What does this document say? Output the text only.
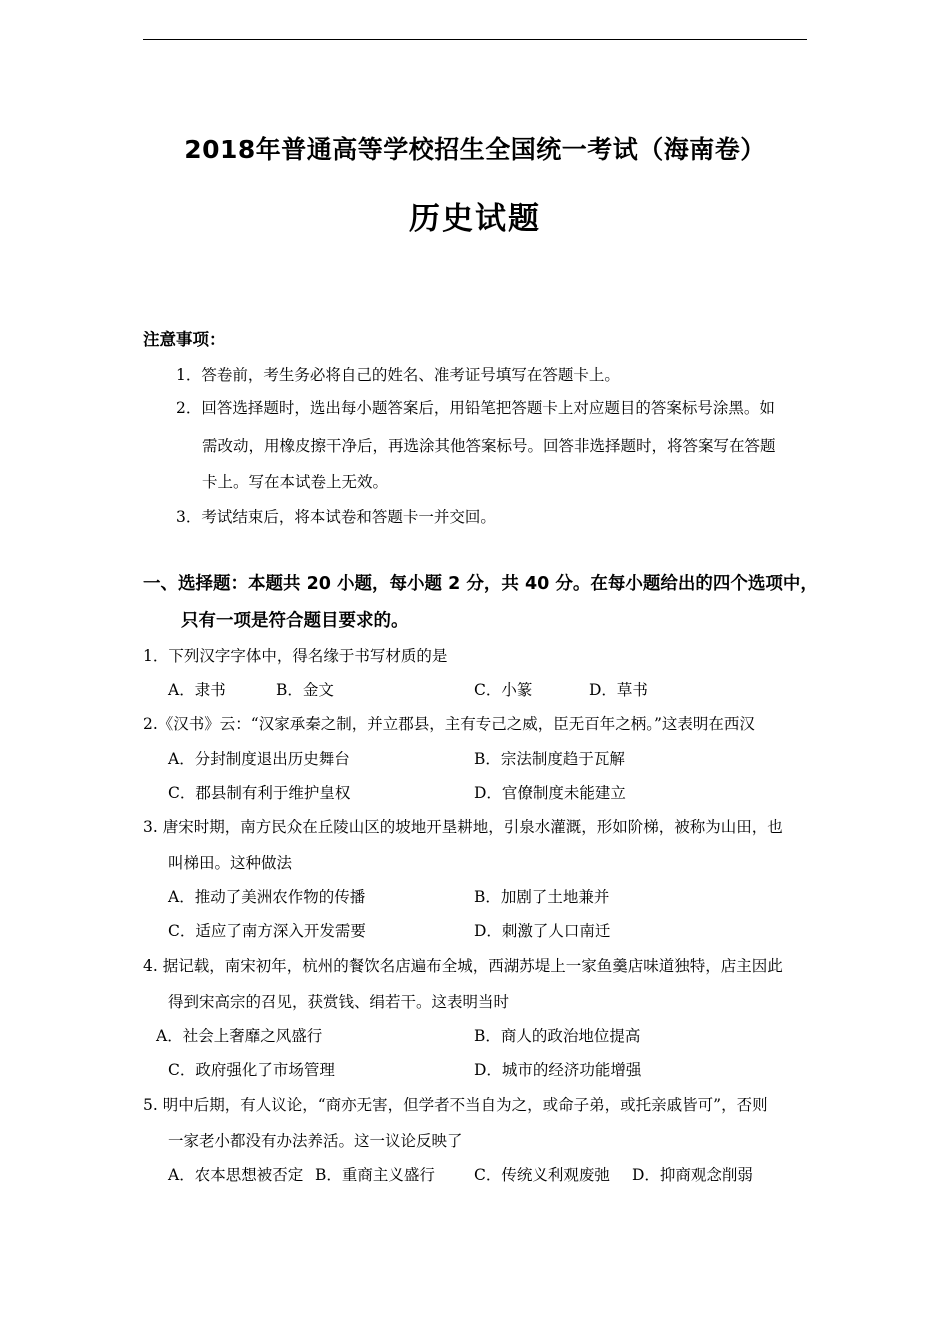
2018年普通高等学校招生全国统一考试（海南卷）
历史试题
注意事项：
1．答卷前，考生务必将自己的姓名、准考证号填写在答题卡上。
2．回答选择题时，选出每小题答案后，用铅笔把答题卡上对应题目的答案标号涂黑。如
需改动，用橡皮擦干净后，再选涂其他答案标号。回答非选择题时，将答案写在答题
卡上。写在本试卷上无效。
3．考试结束后，将本试卷和答题卡一并交回。
一、选择题：本题共 20 小题，每小题 2 分，共 40 分。在每小题给出的四个选项中，
只有一项是符合题目要求的。
1．下列汉字字体中，得名缘于书写材质的是
A．隶书	B．金文	C．小篆	D．草书
2.《汉书》云：“汉家承秦之制，并立郡县，主有专己之威，臣无百年之柄。”这表明在西汉
A．分封制度退出历史舞台	B．宗法制度趋于瓦解
C．郡县制有利于维护皇权	D．官僚制度未能建立
3. 唐宋时期，南方民众在丘陵山区的坡地开垦耕地，引泉水灌溉，形如阶梯，被称为山田，也
叫梯田。这种做法
A．推动了美洲农作物的传播	B．加剧了土地兼并
C．适应了南方深入开发需要	D．刺激了人口南迁
4. 据记载，南宋初年，杭州的餐饮名店遍布全城，西湖苏堤上一家鱼羹店味道独特，店主因此
得到宋高宗的召见，获赏钱、绢若干。这表明当时
A．社会上奢靡之风盛行	B．商人的政治地位提高
C．政府强化了市场管理	D．城市的经济功能增强
5. 明中后期，有人议论，“商亦无害，但学者不当自为之，或命子弟，或托亲戚皆可”，否则
一家老小都没有办法养活。这一议论反映了
A．农本思想被否定 B．重商主义盛行	C．传统义利观废弛 D．抑商观念削弱
